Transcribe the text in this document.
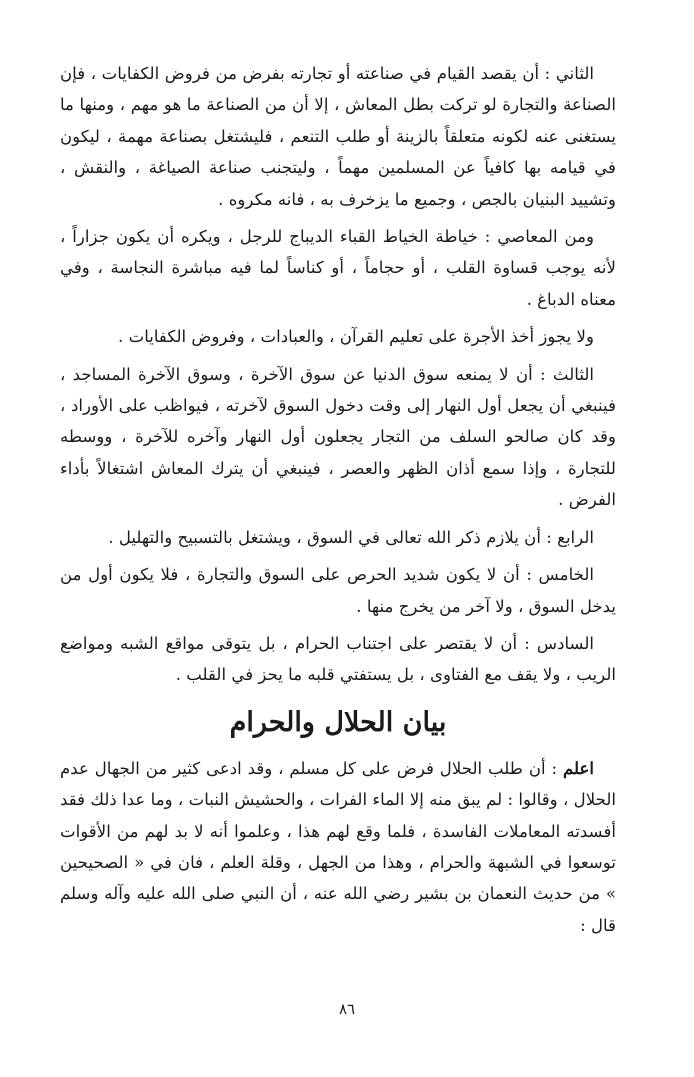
الثاني : أن يقصد القيام في صناعته أو تجارته بفرض من فروض الكفايات ، فإن الصناعة والتجارة لو تركت بطل المعاش ، إلا أن من الصناعة ما هو مهم ، ومنها ما يستغنى عنه لكونه متعلقاً بالزينة أو طلب التنعم ، فليشتغل بصناعة مهمة ، ليكون في قيامه بها كافياً عن المسلمين مهماً ، وليتجنب صناعة الصياغة ، والنقش ، وتشييد البنيان بالجص ، وجميع ما يزخرف به ، فانه مكروه .

ومن المعاصي : خياطة الخياط القباء الديباج للرجل ، ويكره أن يكون جزاراً ، لأنه يوجب قساوة القلب ، أو حجاماً ، أو كناساً لما فيه مباشرة النجاسة ، وفي معناه الدباغ .

ولا يجوز أخذ الأجرة على تعليم القرآن ، والعبادات ، وفروض الكفايات .

الثالث : أن لا يمنعه سوق الدنيا عن سوق الآخرة ، وسوق الآخرة المساجد ، فينبغي أن يجعل أول النهار إلى وقت دخول السوق لآخرته ، فيواظب على الأوراد ، وقد كان صالحو السلف من التجار يجعلون أول النهار وآخره للآخرة ، ووسطه للتجارة ، وإذا سمع أذان الظهر والعصر ، فينبغي أن يترك المعاش اشتغالاً بأداء الفرض .

الرابع : أن يلازم ذكر الله تعالى في السوق ، ويشتغل بالتسبيح والتهليل .

الخامس : أن لا يكون شديد الحرص على السوق والتجارة ، فلا يكون أول من يدخل السوق ، ولا آخر من يخرج منها .

السادس : أن لا يقتصر على اجتناب الحرام ، بل يتوقى مواقع الشبه ومواضع الريب ، ولا يقف مع الفتاوى ، بل يستفتي قلبه ما يحز في القلب .

بيان الحلال والحرام

اعلم : أن طلب الحلال فرض على كل مسلم ، وقد ادعى كثير من الجهال عدم الحلال ، وقالوا : لم يبق منه إلا الماء الفرات ، والحشيش النبات ، وما عدا ذلك فقد أفسدته المعاملات الفاسدة ، فلما وقع لهم هذا ، وعلموا أنه لا بد لهم من الأقوات توسعوا في الشبهة والحرام ، وهذا من الجهل ، وقلة العلم ، فان في « الصحيحين » من حديث النعمان بن بشير رضي الله عنه ، أن النبي صلى الله عليه وآله وسلم قال :

٨٦
